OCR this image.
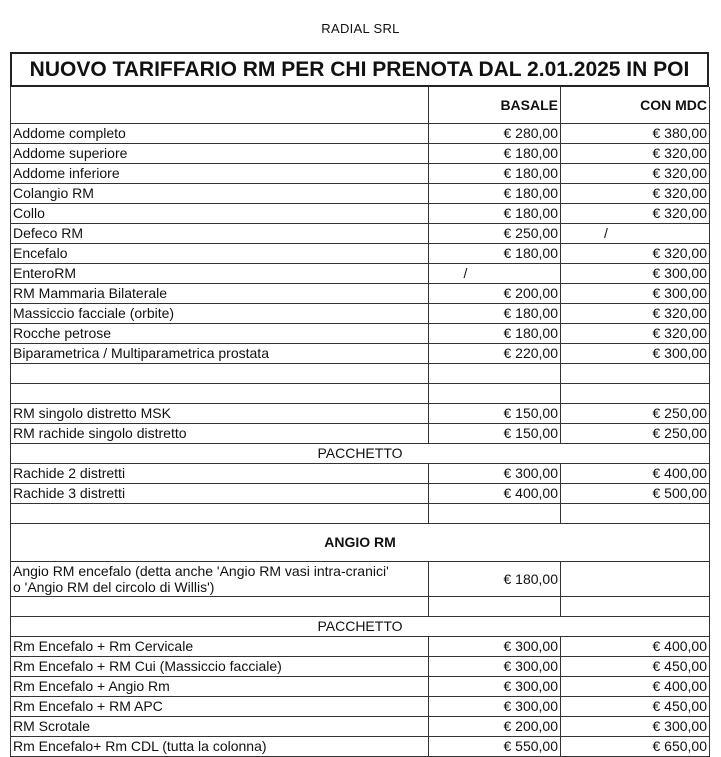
RADIAL SRL
NUOVO TARIFFARIO RM PER CHI PRENOTA DAL 2.01.2025 IN POI
	BASALE	CON MDC
Addome completo	€ 280,00	€ 380,00
Addome superiore	€ 180,00	€ 320,00
Addome inferiore	€ 180,00	€ 320,00
Colangio RM	€ 180,00	€ 320,00
Collo	€ 180,00	€ 320,00
Defeco RM	€ 250,00	/
Encefalo	€ 180,00	€ 320,00
EnteroRM	/	€ 300,00
RM Mammaria Bilaterale	€ 200,00	€ 300,00
Massiccio facciale (orbite)	€ 180,00	€ 320,00
Rocche petrose	€ 180,00	€ 320,00
Biparametrica / Multiparametrica prostata	€ 220,00	€ 300,00

RM singolo distretto MSK	€ 150,00	€ 250,00
RM rachide singolo distretto	€ 150,00	€ 250,00
PACCHETTO		
Rachide 2 distretti	€ 300,00	€ 400,00
Rachide 3 distretti	€ 400,00	€ 500,00

ANGIO RM		
Angio RM encefalo (detta anche 'Angio RM vasi intra-cranici'
o 'Angio RM del circolo di Willis')	€ 180,00	

PACCHETTO		
Rm Encefalo + Rm Cervicale	€ 300,00	€ 400,00
Rm Encefalo + RM Cui (Massiccio facciale)	€ 300,00	€ 450,00
Rm Encefalo + Angio Rm	€ 300,00	€ 400,00
Rm Encefalo + RM APC	€ 300,00	€ 450,00
RM Scrotale	€ 200,00	€ 300,00
Rm Encefalo+ Rm CDL (tutta la colonna)	€ 550,00	€ 650,00
